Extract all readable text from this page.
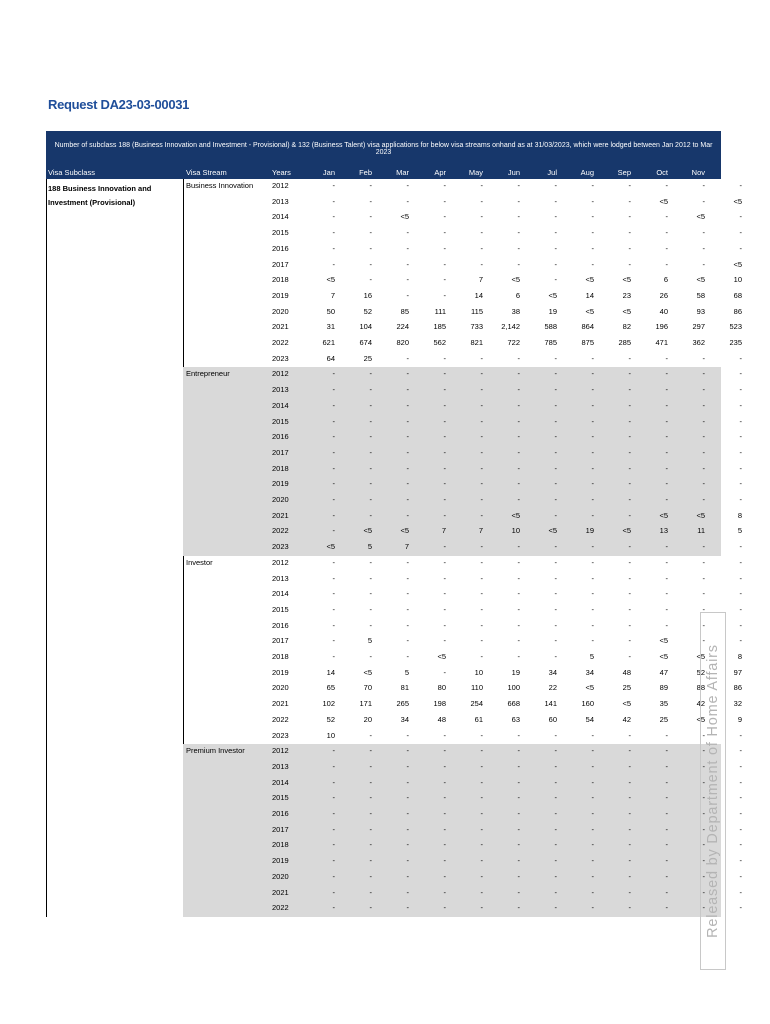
Request DA23-03-00031
Number of subclass 188 (Business Innovation and Investment - Provisional) & 132 (Business Talent) visa applications for below visa streams onhand as at 31/03/2023, which were lodged between Jan 2012 to Mar 2023
Visa Subclass	Visa Stream	Years	Jan	Feb	Mar	Apr	May	Jun	Jul	Aug	Sep	Oct	Nov	Dec
188 Business Innovation and Investment (Provisional)
Business Innovation	2012	-	-	-	-	-	-	-	-	-	-	-	-
2013	-	-	-	-	-	-	-	-	-	<5	-	<5
2014	-	-	<5	-	-	-	-	-	-	-	<5	-
2015	-	-	-	-	-	-	-	-	-	-	-	-
2016	-	-	-	-	-	-	-	-	-	-	-	-
2017	-	-	-	-	-	-	-	-	-	-	-	<5
2018	<5	-	-	-	7	<5	-	<5	<5	6	<5	10
2019	7	16	-	-	14	6	<5	14	23	26	58	68
2020	50	52	85	111	115	38	19	<5	<5	40	93	86
2021	31	104	224	185	733	2,142	588	864	82	196	297	523
2022	621	674	820	562	821	722	785	875	285	471	362	235
2023	64	25	-	-	-	-	-	-	-	-	-	-
Entrepreneur	2012	-	-	-	-	-	-	-	-	-	-	-	-
2013	-	-	-	-	-	-	-	-	-	-	-	-
2014	-	-	-	-	-	-	-	-	-	-	-	-
2015	-	-	-	-	-	-	-	-	-	-	-	-
2016	-	-	-	-	-	-	-	-	-	-	-	-
2017	-	-	-	-	-	-	-	-	-	-	-	-
2018	-	-	-	-	-	-	-	-	-	-	-	-
2019	-	-	-	-	-	-	-	-	-	-	-	-
2020	-	-	-	-	-	-	-	-	-	-	-	-
2021	-	-	-	-	-	<5	-	-	-	<5	<5	8
2022	-	<5	<5	7	7	10	<5	19	<5	13	11	5
2023	<5	5	7	-	-	-	-	-	-	-	-	-
Investor	2012	-	-	-	-	-	-	-	-	-	-	-	-
2013	-	-	-	-	-	-	-	-	-	-	-	-
2014	-	-	-	-	-	-	-	-	-	-	-	-
2015	-	-	-	-	-	-	-	-	-	-	-	-
2016	-	-	-	-	-	-	-	-	-	-	-	-
2017	-	5	-	-	-	-	-	-	-	<5	-	-
2018	-	-	-	<5	-	-	-	5	-	<5	<5	8
2019	14	<5	5	-	10	19	34	34	48	47	52	97
2020	65	70	81	80	110	100	22	<5	25	89	88	86
2021	102	171	265	198	254	668	141	160	<5	35	42	32
2022	52	20	34	48	61	63	60	54	42	25	<5	9
2023	10	-	-	-	-	-	-	-	-	-	-	-
Premium Investor	2012	-	-	-	-	-	-	-	-	-	-	-	-
2013	-	-	-	-	-	-	-	-	-	-	-	-
2014	-	-	-	-	-	-	-	-	-	-	-	-
2015	-	-	-	-	-	-	-	-	-	-	-	-
2016	-	-	-	-	-	-	-	-	-	-	-	-
2017	-	-	-	-	-	-	-	-	-	-	-	-
2018	-	-	-	-	-	-	-	-	-	-	-	-
2019	-	-	-	-	-	-	-	-	-	-	-	-
2020	-	-	-	-	-	-	-	-	-	-	-	-
2021	-	-	-	-	-	-	-	-	-	-	-	-
2022	-	-	-	-	-	-	-	-	-	-	-	-
Released by Department of Home Affairs
